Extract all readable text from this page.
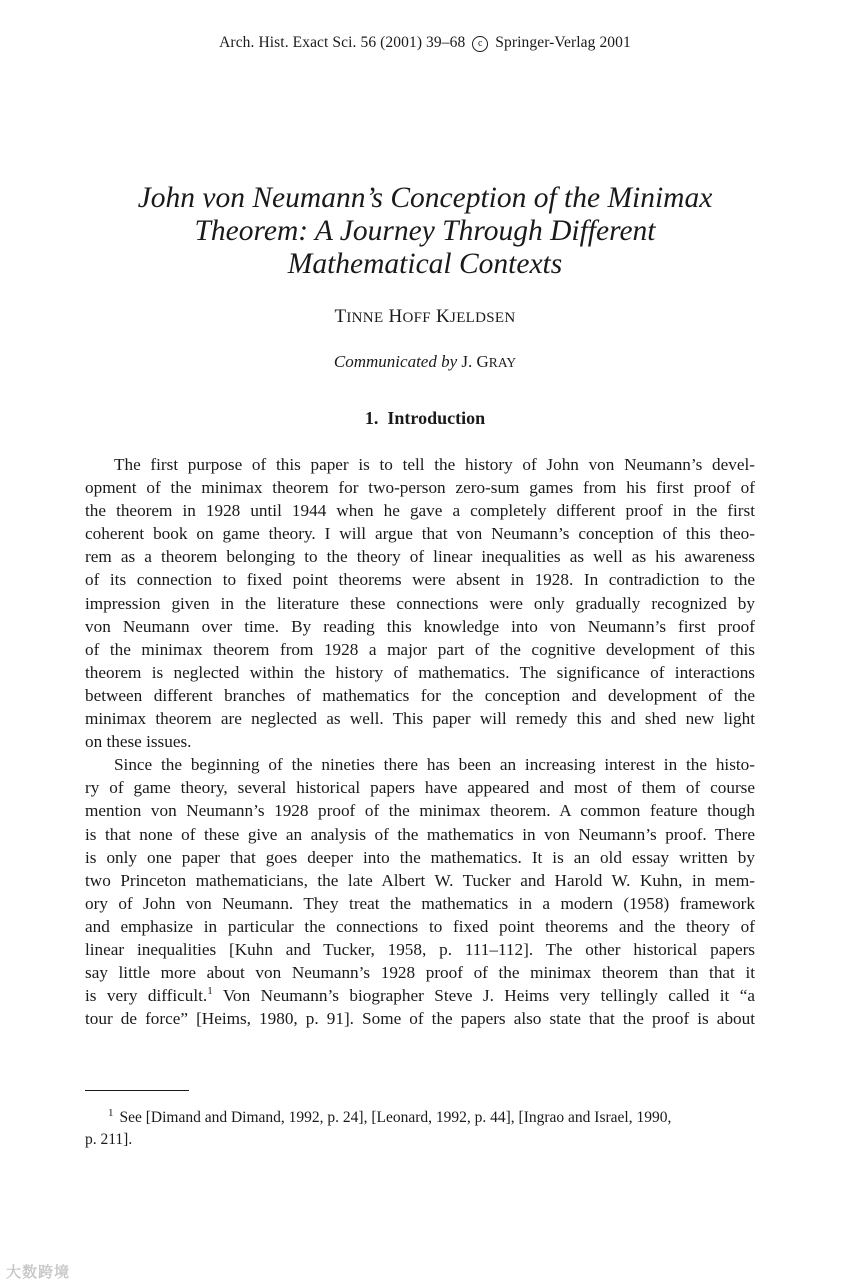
Arch. Hist. Exact Sci. 56 (2001) 39–68 c Springer-Verlag 2001
John von Neumann’s Conception of the Minimax
Theorem: A Journey Through Different
Mathematical Contexts
TINNE HOFF KJELDSEN
Communicated by J. GRAY
1. Introduction
The first purpose of this paper is to tell the history of John von Neumann’s devel-
opment of the minimax theorem for two-person zero-sum games from his first proof of
the theorem in 1928 until 1944 when he gave a completely different proof in the first
coherent book on game theory. I will argue that von Neumann’s conception of this theo-
rem as a theorem belonging to the theory of linear inequalities as well as his awareness
of its connection to fixed point theorems were absent in 1928. In contradiction to the
impression given in the literature these connections were only gradually recognized by
von Neumann over time. By reading this knowledge into von Neumann’s first proof
of the minimax theorem from 1928 a major part of the cognitive development of this
theorem is neglected within the history of mathematics. The significance of interactions
between different branches of mathematics for the conception and development of the
minimax theorem are neglected as well. This paper will remedy this and shed new light
on these issues.
Since the beginning of the nineties there has been an increasing interest in the histo-
ry of game theory, several historical papers have appeared and most of them of course
mention von Neumann’s 1928 proof of the minimax theorem. A common feature though
is that none of these give an analysis of the mathematics in von Neumann’s proof. There
is only one paper that goes deeper into the mathematics. It is an old essay written by
two Princeton mathematicians, the late Albert W. Tucker and Harold W. Kuhn, in mem-
ory of John von Neumann. They treat the mathematics in a modern (1958) framework
and emphasize in particular the connections to fixed point theorems and the theory of
linear inequalities [Kuhn and Tucker, 1958, p. 111–112]. The other historical papers
say little more about von Neumann’s 1928 proof of the minimax theorem than that it
is very difficult.$^1$ Von Neumann’s biographer Steve J. Heims very tellingly called it “a
tour de force” [Heims, 1980, p. 91]. Some of the papers also state that the proof is about
$^1$ See [Dimand and Dimand, 1992, p. 24], [Leonard, 1992, p. 44], [Ingrao and Israel, 1990,
p. 211].
大数跨境
